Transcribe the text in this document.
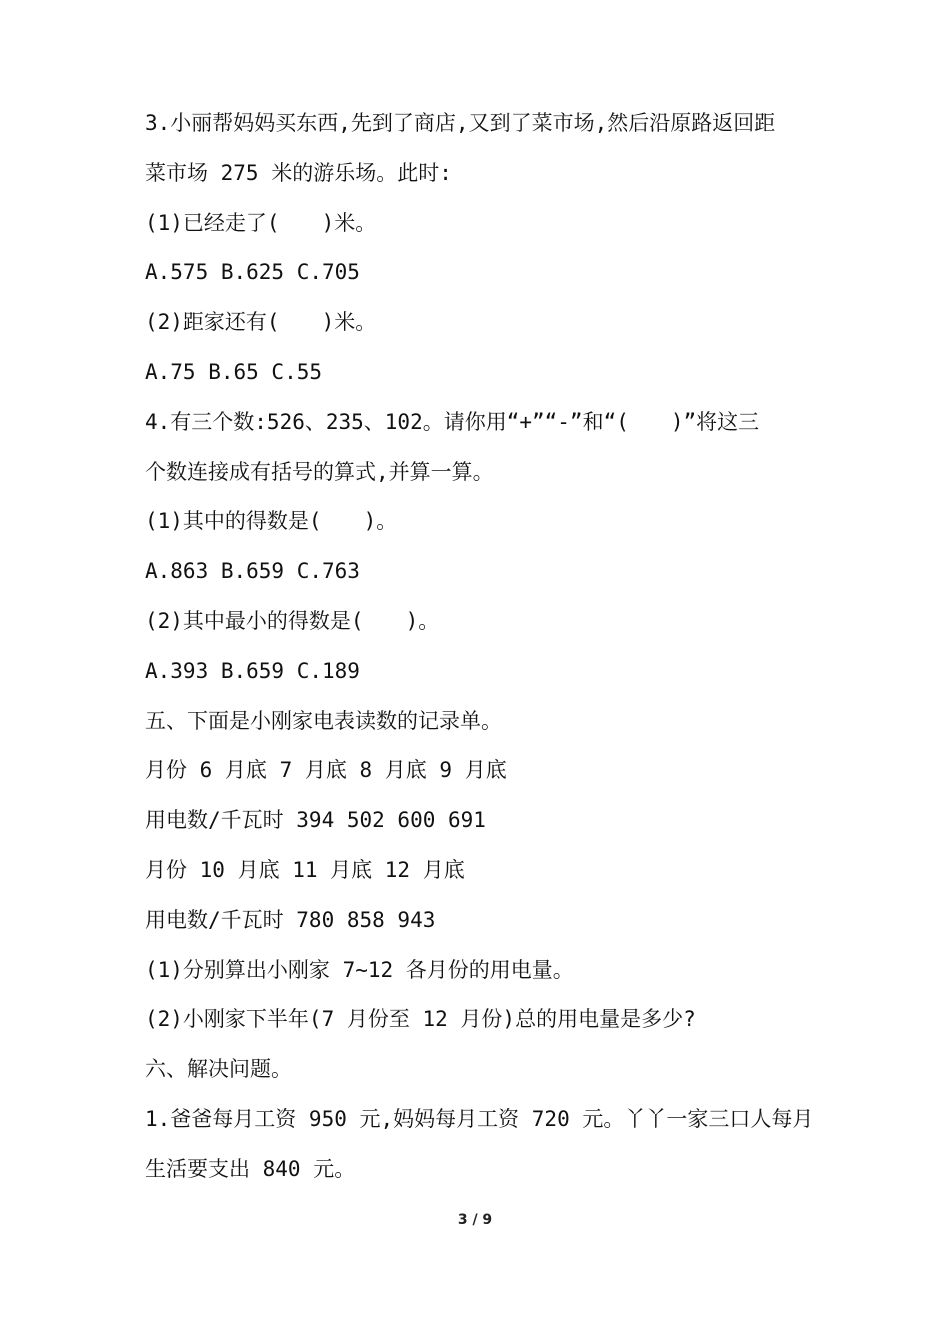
3.小丽帮妈妈买东西,先到了商店,又到了菜市场,然后沿原路返回距
菜市场 275 米的游乐场。此时:
(1)已经走了(　　)米。
A.575 B.625 C.705
(2)距家还有(　　)米。
A.75 B.65 C.55
4.有三个数:526、235、102。请你用“+”“-”和“(　　)”将这三
个数连接成有括号的算式,并算一算。
(1)其中的得数是(　　)。
A.863 B.659 C.763
(2)其中最小的得数是(　　)。
A.393 B.659 C.189
五、下面是小刚家电表读数的记录单。
月份 6 月底 7 月底 8 月底 9 月底
用电数/千瓦时 394 502 600 691
月份 10 月底 11 月底 12 月底
用电数/千瓦时 780 858 943
(1)分别算出小刚家 7~12 各月份的用电量。
(2)小刚家下半年(7 月份至 12 月份)总的用电量是多少?
六、解决问题。
1.爸爸每月工资 950 元,妈妈每月工资 720 元。丫丫一家三口人每月
生活要支出 840 元。
3 / 9
